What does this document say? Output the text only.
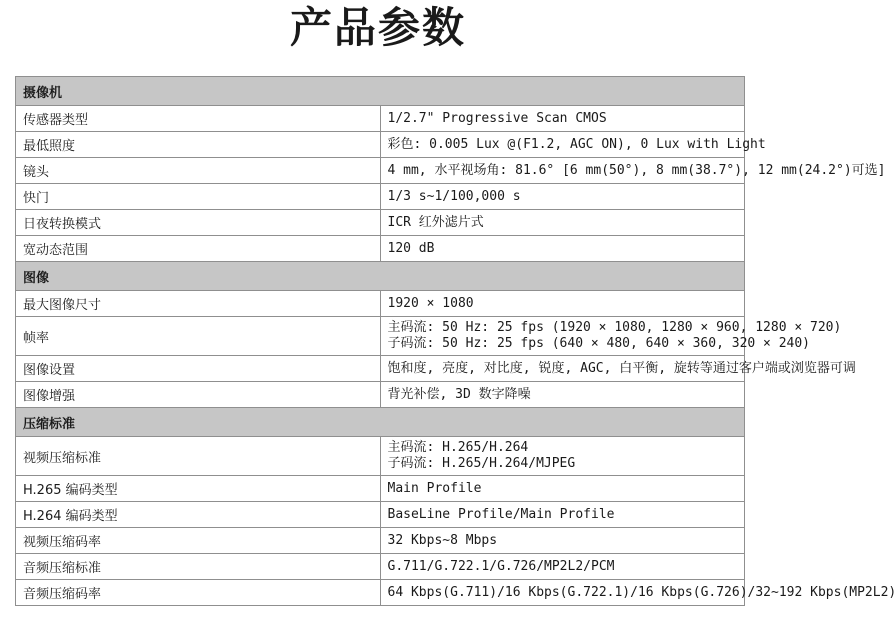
产品参数
摄像机	
传感器类型	1/2.7" Progressive Scan CMOS

最低照度	彩色: 0.005 Lux @(F1.2, AGC ON), 0 Lux with Light

镜头	4 mm, 水平视场角: 81.6° [6 mm(50°), 8 mm(38.7°), 12 mm(24.2°)可选]

快门	1/3 s~1/100,000 s

日夜转换模式	ICR 红外滤片式

宽动态范围	120 dB

图像	
最大图像尺寸	1920 × 1080

帧率	主码流: 50 Hz: 25 fps (1920 × 1080, 1280 × 960, 1280 × 720)
子码流: 50 Hz: 25 fps (640 × 480, 640 × 360, 320 × 240)

图像设置	饱和度, 亮度, 对比度, 锐度, AGC, 白平衡, 旋转等通过客户端或浏览器可调

图像增强	背光补偿, 3D 数字降噪

压缩标准	
视频压缩标准	主码流: H.265/H.264
子码流: H.265/H.264/MJPEG

H.265 编码类型	Main Profile

H.264 编码类型	BaseLine Profile/Main Profile

视频压缩码率	32 Kbps~8 Mbps

音频压缩标准	G.711/G.722.1/G.726/MP2L2/PCM

音频压缩码率	64 Kbps(G.711)/16 Kbps(G.722.1)/16 Kbps(G.726)/32~192 Kbps(MP2L2)
